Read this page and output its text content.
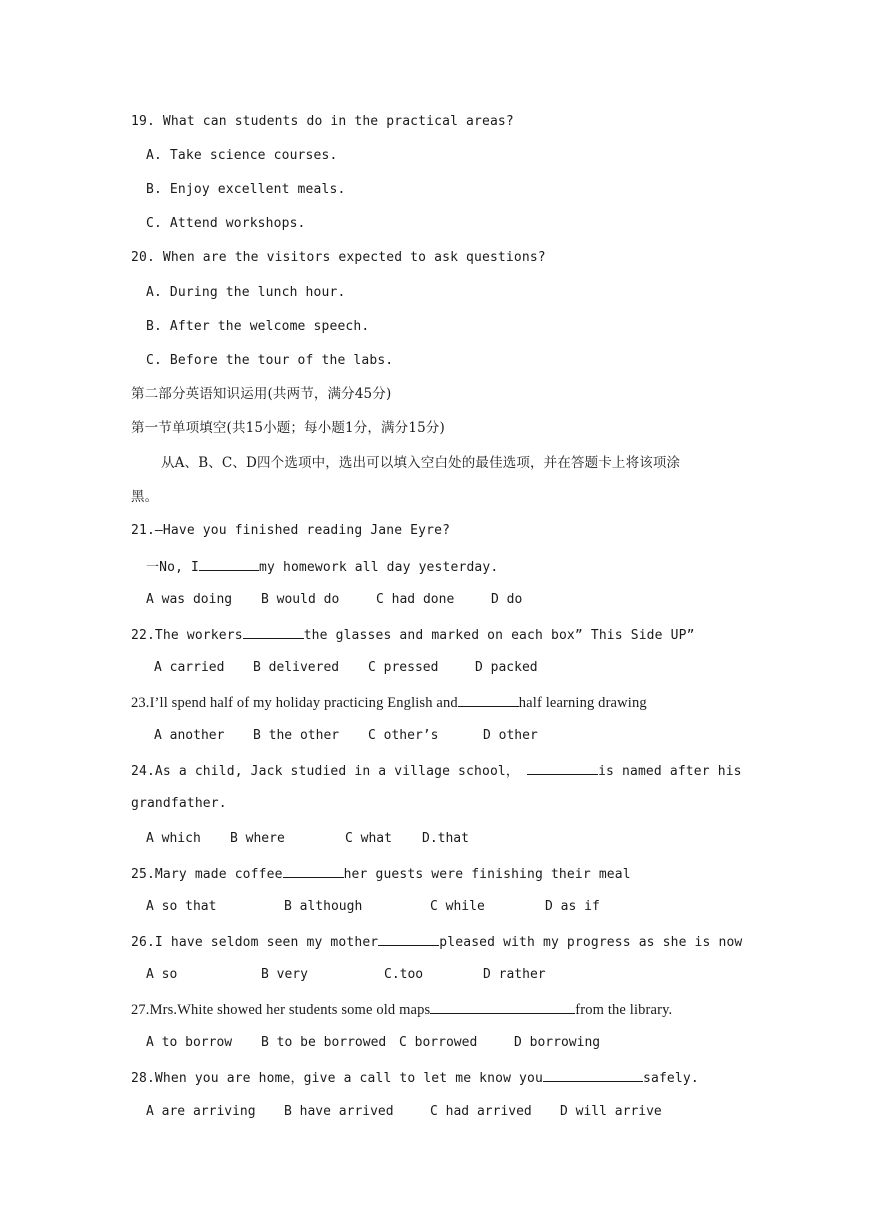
19. What can students do in the practical areas?
A. Take science courses.
B. Enjoy excellent meals.
C. Attend workshops.
20. When are the visitors expected to ask questions?
A. During the lunch hour.
B. After the welcome speech.
C. Before the tour of the labs.
第二部分英语知识运用(共两节，满分45分)
第一节单项填空(共15小题；每小题1分，满分15分)
从A、B、C、D四个选项中，选出可以填入空白处的最佳选项，并在答题卡上将该项涂
黑。
21.—Have you finished reading Jane Eyre?
一No, I	my homework all day yesterday.
A was doing B would do	C had done	D do
22.The workers	the glasses and marked on each box” This Side UP”
A carried B delivered C pressed	D packed
23.I’ll spend half of my holiday practicing English and	half learning drawing
A another B the other C other’s	D other
24.As a child, Jack studied in a village school，	is named after his
grandfather.
A which B where	C what D.that
25.Mary made coffee	her guests were finishing their meal
A so that	B although	C while	D as if
26.I have seldom seen my mother	pleased with my progress as she is now
A so	B very	C.too	D rather
27.Mrs.White showed her students some old maps	from the library.
A to borrow B to be borrowed C borrowed	D borrowing
28.When you are home，give a call to let me know you	safely.
A are arriving B have arrived	C had arrived D will arrive
